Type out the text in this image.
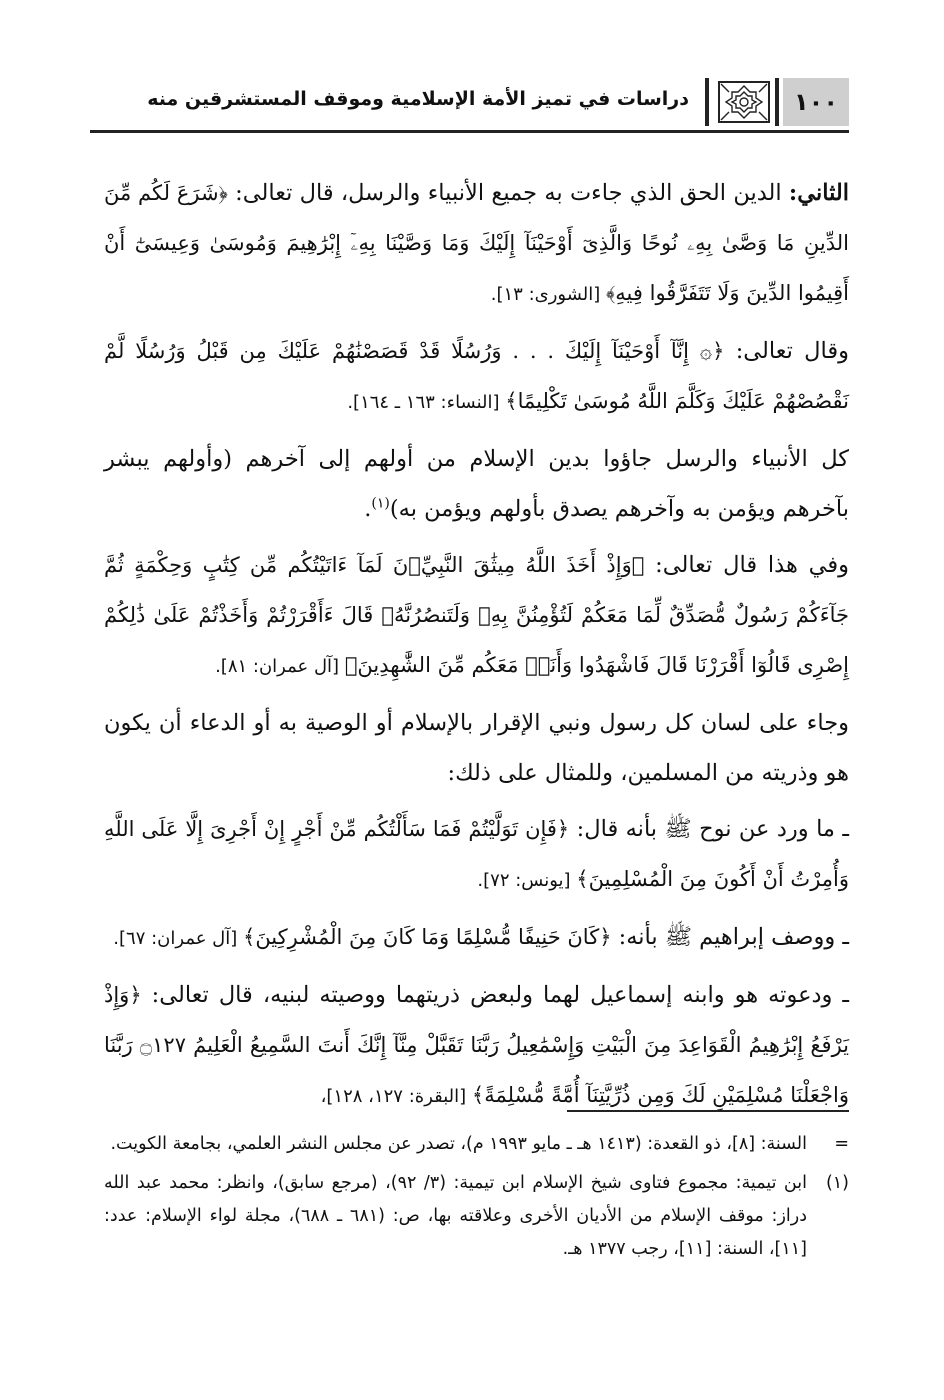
١٠٠
دراسات في تميز الأمة الإسلامية وموقف المستشرقين منه

الثاني: الدين الحق الذي جاءت به جميع الأنبياء والرسل، قال تعالى: ﴿شَرَعَ لَكُم مِّنَ الدِّينِ مَا وَصَّىٰ بِهِۦ نُوحًا وَالَّذِىٓ أَوْحَيْنَآ إِلَيْكَ وَمَا وَصَّيْنَا بِهِۦٓ إِبْرَٰهِيمَ وَمُوسَىٰ وَعِيسَىٰٓ أَنْ أَقِيمُوا الدِّينَ وَلَا تَتَفَرَّقُوا فِيهِ﴾ [الشورى: ١٣].

وقال تعالى: ﴿۞ إِنَّآ أَوْحَيْنَآ إِلَيْكَ . . . وَرُسُلًا قَدْ قَصَصْنَٰهُمْ عَلَيْكَ مِن قَبْلُ وَرُسُلًا لَّمْ نَقْصُصْهُمْ عَلَيْكَ وَكَلَّمَ اللَّهُ مُوسَىٰ تَكْلِيمًا﴾ [النساء: ١٦٣ ـ ١٦٤].

كل الأنبياء والرسل جاؤوا بدين الإسلام من أولهم إلى آخرهم (وأولهم يبشر بآخرهم ويؤمن به وآخرهم يصدق بأولهم ويؤمن به)$^{(١)}$.

وفي هذا قال تعالى: ﴿وَإِذْ أَخَذَ اللَّهُ مِيثَٰقَ النَّبِيِّۦنَ لَمَآ ءَاتَيْتُكُم مِّن كِتَٰبٍ وَحِكْمَةٍ ثُمَّ جَآءَكُمْ رَسُولٌ مُّصَدِّقٌ لِّمَا مَعَكُمْ لَتُؤْمِنُنَّ بِهِۦ وَلَتَنصُرُنَّهُۥ قَالَ ءَأَقْرَرْتُمْ وَأَخَذْتُمْ عَلَىٰ ذَٰلِكُمْ إِصْرِى قَالُوٓا أَقْرَرْنَا قَالَ فَاشْهَدُوا وَأَنَا۠ مَعَكُم مِّنَ الشَّٰهِدِينَ﴾ [آل عمران: ٨١].

وجاء على لسان كل رسول ونبي الإقرار بالإسلام أو الوصية به أو الدعاء أن يكون هو وذريته من المسلمين، وللمثال على ذلك:

ـ ما ورد عن نوح ﷺ بأنه قال: ﴿فَإِن تَوَلَّيْتُمْ فَمَا سَأَلْتُكُم مِّنْ أَجْرٍ إِنْ أَجْرِىَ إِلَّا عَلَى اللَّهِ وَأُمِرْتُ أَنْ أَكُونَ مِنَ الْمُسْلِمِينَ﴾ [يونس: ٧٢].

ـ ووصف إبراهيم ﷺ بأنه: ﴿كَانَ حَنِيفًا مُّسْلِمًا وَمَا كَانَ مِنَ الْمُشْرِكِينَ﴾ [آل عمران: ٦٧].

ـ ودعوته هو وابنه إسماعيل لهما ولبعض ذريتهما ووصيته لبنيه، قال تعالى: ﴿وَإِذْ يَرْفَعُ إِبْرَٰهِيمُ الْقَوَاعِدَ مِنَ الْبَيْتِ وَإِسْمَٰعِيلُ رَبَّنَا تَقَبَّلْ مِنَّآ إِنَّكَ أَنتَ السَّمِيعُ الْعَلِيمُ ۝١٢٧ رَبَّنَا وَاجْعَلْنَا مُسْلِمَيْنِ لَكَ وَمِن ذُرِّيَّتِنَآ أُمَّةً مُّسْلِمَةً﴾ [البقرة: ١٢٧، ١٢٨]،

=
السنة: [٨]، ذو القعدة: (١٤١٣ هـ ـ مايو ١٩٩٣ م)، تصدر عن مجلس النشر العلمي، بجامعة الكويت.
(١)
ابن تيمية: مجموع فتاوى شيخ الإسلام ابن تيمية: (٣/ ٩٢)، (مرجع سابق)، وانظر: محمد عبد الله دراز: موقف الإسلام من الأديان الأخرى وعلاقته بها، ص: (٦٨١ ـ ٦٨٨)، مجلة لواء الإسلام: عدد: [١١]، السنة: [١١]، رجب ١٣٧٧ هـ.
